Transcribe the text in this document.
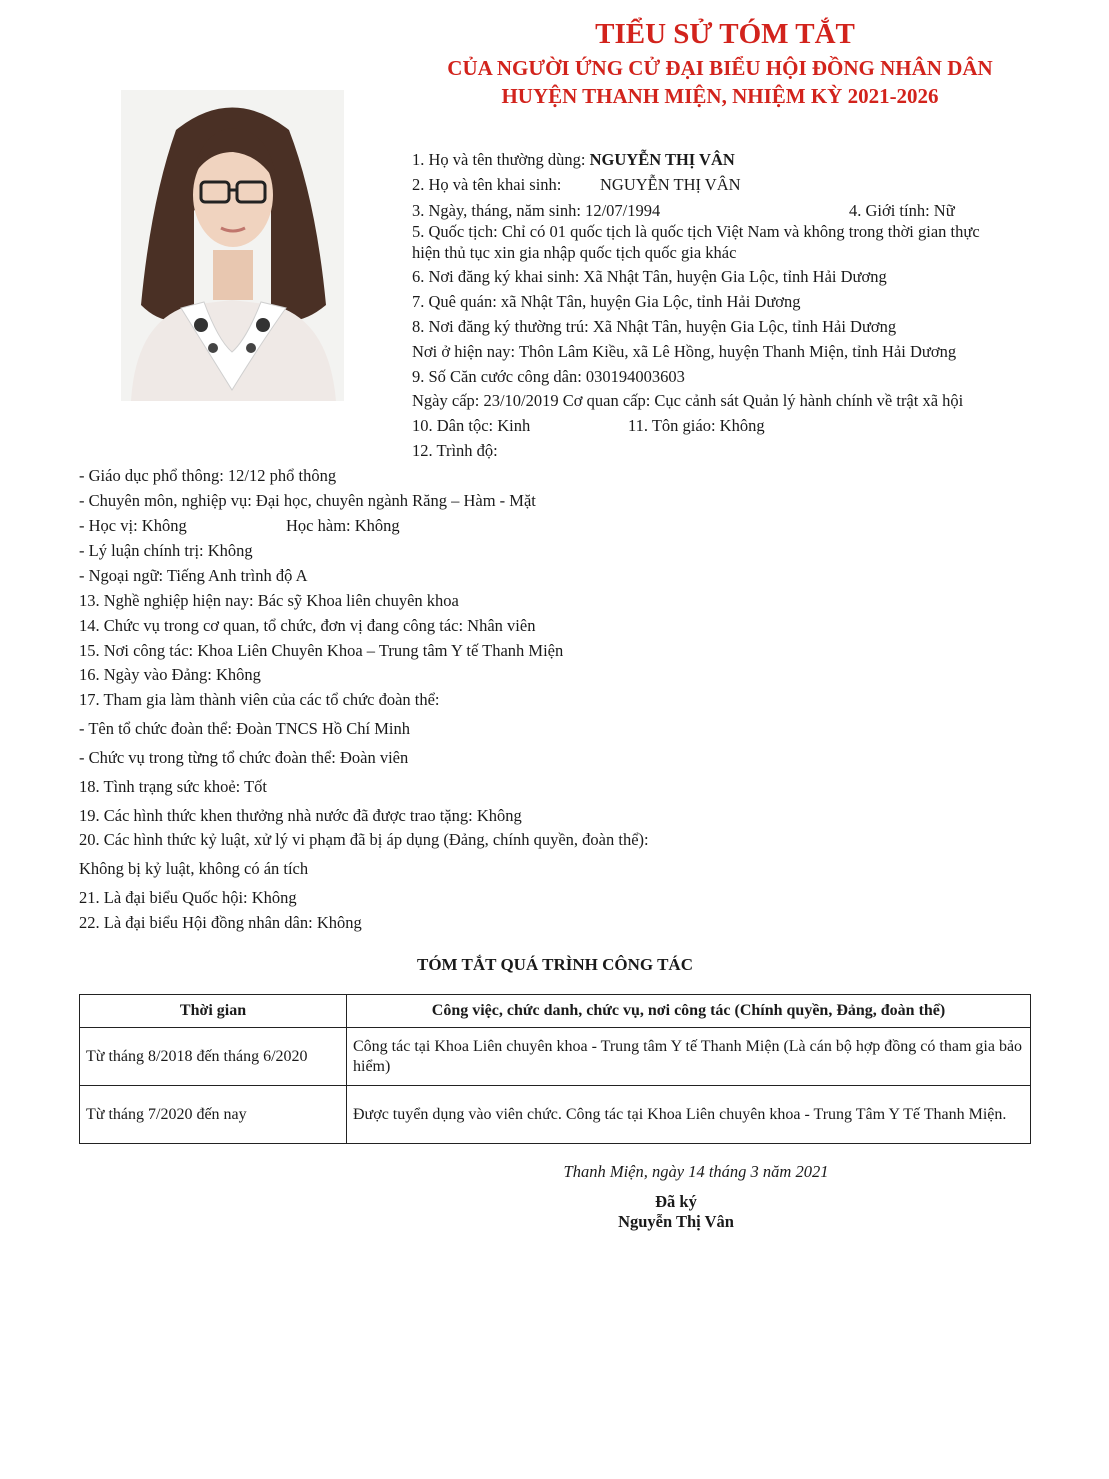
TIỂU SỬ TÓM TẮT
CỦA NGƯỜI ỨNG CỬ ĐẠI BIỂU HỘI ĐỒNG NHÂN DÂN
HUYỆN THANH MIỆN, NHIỆM KỲ 2021-2026
1. Họ và tên thường dùng: NGUYỄN THỊ VÂN
2. Họ và tên khai sinh: NGUYỄN THỊ VÂN
3. Ngày, tháng, năm sinh: 12/07/1994	4. Giới tính: Nữ
5. Quốc tịch: Chỉ có 01 quốc tịch là quốc tịch Việt Nam và không trong thời gian thực
hiện thủ tục xin gia nhập quốc tịch quốc gia khác
6. Nơi đăng ký khai sinh: Xã Nhật Tân, huyện Gia Lộc, tỉnh Hải Dương
7. Quê quán: xã Nhật Tân, huyện Gia Lộc, tỉnh Hải Dương
8. Nơi đăng ký thường trú: Xã Nhật Tân, huyện Gia Lộc, tỉnh Hải Dương
Nơi ở hiện nay: Thôn Lâm Kiều, xã Lê Hồng, huyện Thanh Miện, tỉnh Hải Dương
9. Số Căn cước công dân: 030194003603
Ngày cấp: 23/10/2019 Cơ quan cấp: Cục cảnh sát Quản lý hành chính về trật xã hội
10. Dân tộc: Kinh	11. Tôn giáo: Không
12. Trình độ:
- Giáo dục phổ thông: 12/12 phổ thông
- Chuyên môn, nghiệp vụ: Đại học, chuyên ngành Răng – Hàm - Mặt
- Học vị: Không	Học hàm: Không
- Lý luận chính trị: Không
- Ngoại ngữ: Tiếng Anh trình độ A
13. Nghề nghiệp hiện nay: Bác sỹ Khoa liên chuyên khoa
14. Chức vụ trong cơ quan, tổ chức, đơn vị đang công tác: Nhân viên
15. Nơi công tác: Khoa Liên Chuyên Khoa – Trung tâm Y tế Thanh Miện
16. Ngày vào Đảng: Không
17. Tham gia làm thành viên của các tổ chức đoàn thể:
- Tên tổ chức đoàn thể: Đoàn TNCS Hồ Chí Minh
- Chức vụ trong từng tổ chức đoàn thể: Đoàn viên
18. Tình trạng sức khoẻ: Tốt
19. Các hình thức khen thưởng nhà nước đã được trao tặng: Không
20. Các hình thức kỷ luật, xử lý vi phạm đã bị áp dụng (Đảng, chính quyền, đoàn thể):
Không bị kỷ luật, không có án tích
21. Là đại biểu Quốc hội: Không
22. Là đại biểu Hội đồng nhân dân: Không
TÓM TẮT QUÁ TRÌNH CÔNG TÁC
Thời gian	Công việc, chức danh, chức vụ, nơi công tác (Chính quyền, Đảng, đoàn thể)
Từ tháng 8/2018 đến tháng 6/2020	Công tác tại Khoa Liên chuyên khoa - Trung tâm Y tế Thanh Miện (Là cán bộ hợp đồng có tham gia bảo hiểm)
Từ tháng 7/2020 đến nay	Được tuyển dụng vào viên chức. Công tác tại Khoa Liên chuyên khoa - Trung Tâm Y Tế Thanh Miện.
Thanh Miện, ngày 14 tháng 3 năm 2021
Đã ký
Nguyễn Thị Vân
